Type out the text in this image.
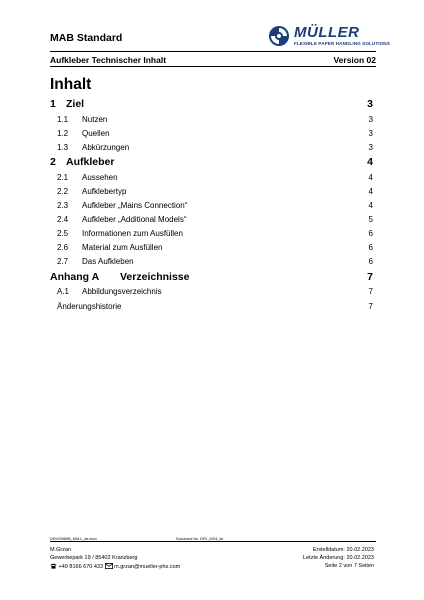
MAB Standard	MÜLLER
FLEXIBLE PAPER HANDLING SOLUTIONS
Aufkleber Technischer Inhalt	Version 02
Inhalt
1 Ziel	3
1.1 Nutzen	3
1.2 Quellen	3
1.3 Abkürzungen	3
2 Aufkleber	4
2.1 Aussehen	4
2.2 Aufklebertyp	4
2.3 Aufkleber „Mains Connection“	4
2.4 Aufkleber „Additional Models“	5
2.5 Informationen zum Ausfüllen	6
2.6 Material zum Ausfüllen	6
2.7 Das Aufkleben	6
Anhang A Verzeichnisse	7
A.1 Abbildungsverzeichnis	7
Änderungshistorie	7
DEV0206MB_MULL_de.docx	Document No. DEV_0204_de
M.Grzan
Gewerbepark 19 / 85402 Kranzberg
+49 8166 670 433 m.grzan@mueller-phs.com
Erstelldatum: 20.02.2023
Letzte Änderung: 20.02.2023
Seite 2 von 7 Seiten
